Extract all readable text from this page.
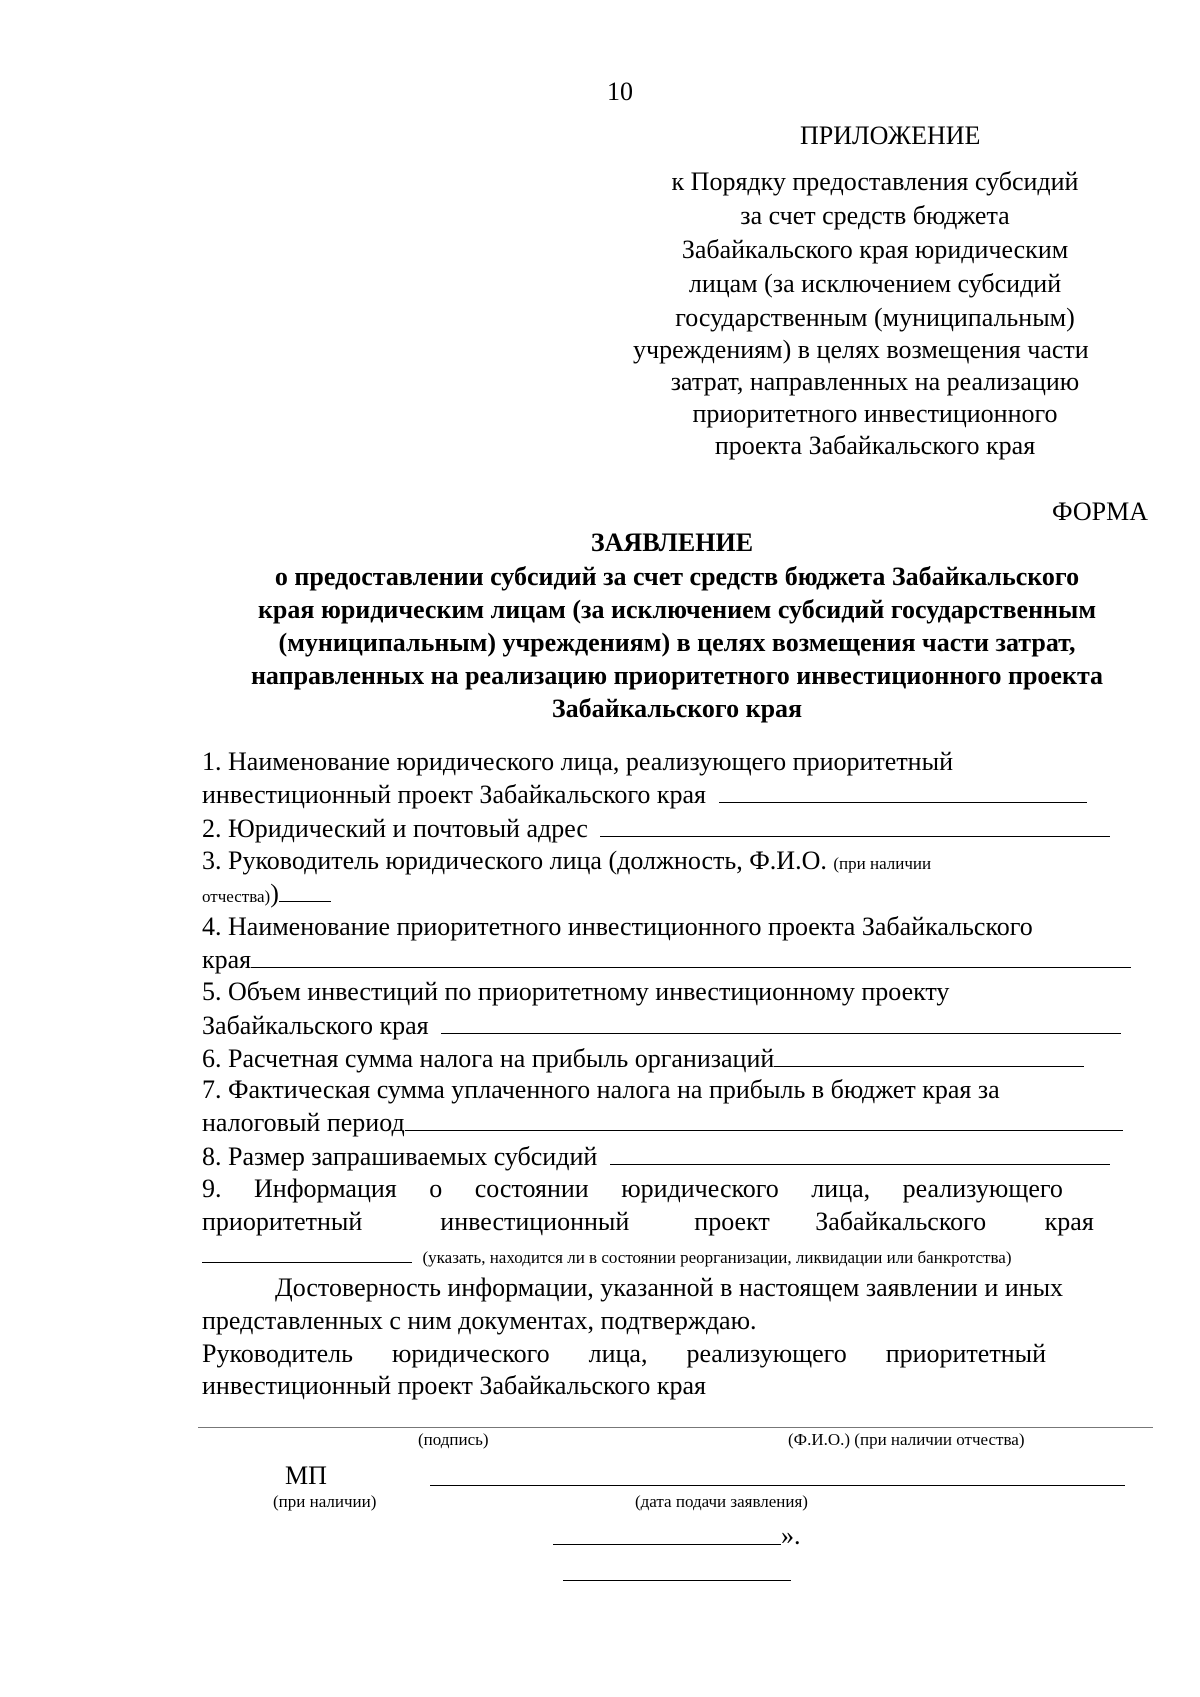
10
ПРИЛОЖЕНИЕ
к Порядку предоставления субсидий
за счет средств бюджета
Забайкальского края юридическим
лицам (за исключением субсидий
государственным (муниципальным)
учреждениям) в целях возмещения части
затрат, направленных на реализацию
приоритетного инвестиционного
проекта Забайкальского края
ФОРМА
ЗАЯВЛЕНИЕ
о предоставлении субсидий за счет средств бюджета Забайкальского
края юридическим лицам (за исключением субсидий государственным
(муниципальным) учреждениям) в целях возмещения части затрат,
направленных на реализацию приоритетного инвестиционного проекта
Забайкальского края
1. Наименование юридического лица, реализующего приоритетный
инвестиционный проект Забайкальского края
2. Юридический и почтовый адрес
3. Руководитель юридического лица (должность, Ф.И.О. (при наличии
отчества))
4. Наименование приоритетного инвестиционного проекта Забайкальского
края
5. Объем инвестиций по приоритетному инвестиционному проекту
Забайкальского края
6. Расчетная сумма налога на прибыль организаций
7. Фактическая сумма уплаченного налога на прибыль в бюджет края за
налоговый период
8. Размер запрашиваемых субсидий
9.     Информация     о     состоянии     юридического     лица,     реализующего
приоритетный            инвестиционный          проект       Забайкальского         края
(указать, находится ли в состоянии реорганизации, ликвидации или банкротства)
Достоверность информации, указанной в настоящем заявлении и иных
представленных с ним документах, подтверждаю.
Руководитель      юридического      лица,      реализующего      приоритетный
инвестиционный проект Забайкальского края
(подпись)	(Ф.И.О.) (при наличии отчества)
МП
(при наличии)	(дата подачи заявления)
».
